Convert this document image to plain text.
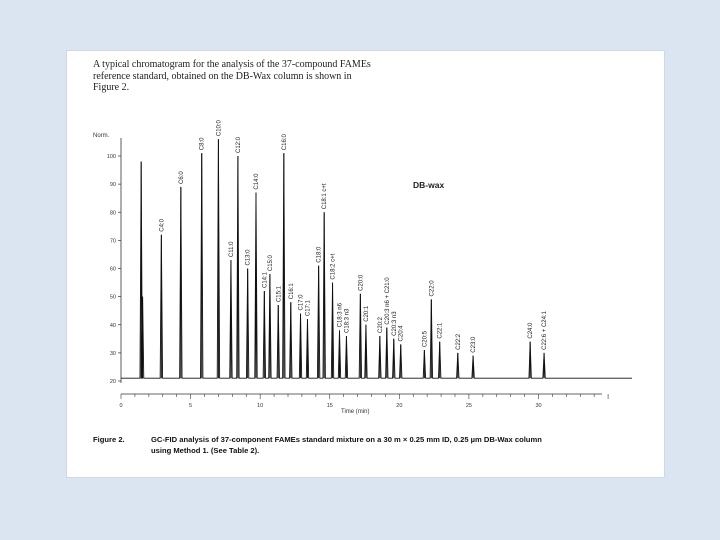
A typical chromatogram for the analysis of the 37-compound FAMEs reference standard, obtained on the DB-Wax column is shown in Figure 2.
20
30
40
50
60
70
80
90
100
0	5	10	15	20	25	30
C4:0
C6:0
C8:0
C10:0
C11:0
C12:0
C13:0
C14:0
C14:1
C15:0
C15:1
C16:0
C16:1
C17:0 C17:1
C18:0
C18:1 c+t
C18:2 c+t
C18:3 n6 C18:3 n3
C20:0
C20:1
C20:2
C20:3 n6 + C21:0 C20:3 n3 C20:4	C20:5
C22:0
C22:1
C22:2 C23:0
C24:0 C22:6 + C24:1
Norm.
Time (min)
DB-wax
Figure 2.	GC-FID analysis of 37-component FAMEs standard mixture on a 30 m × 0.25 mm ID, 0.25 µm DB-Wax column
using Method 1. (See Table 2).
